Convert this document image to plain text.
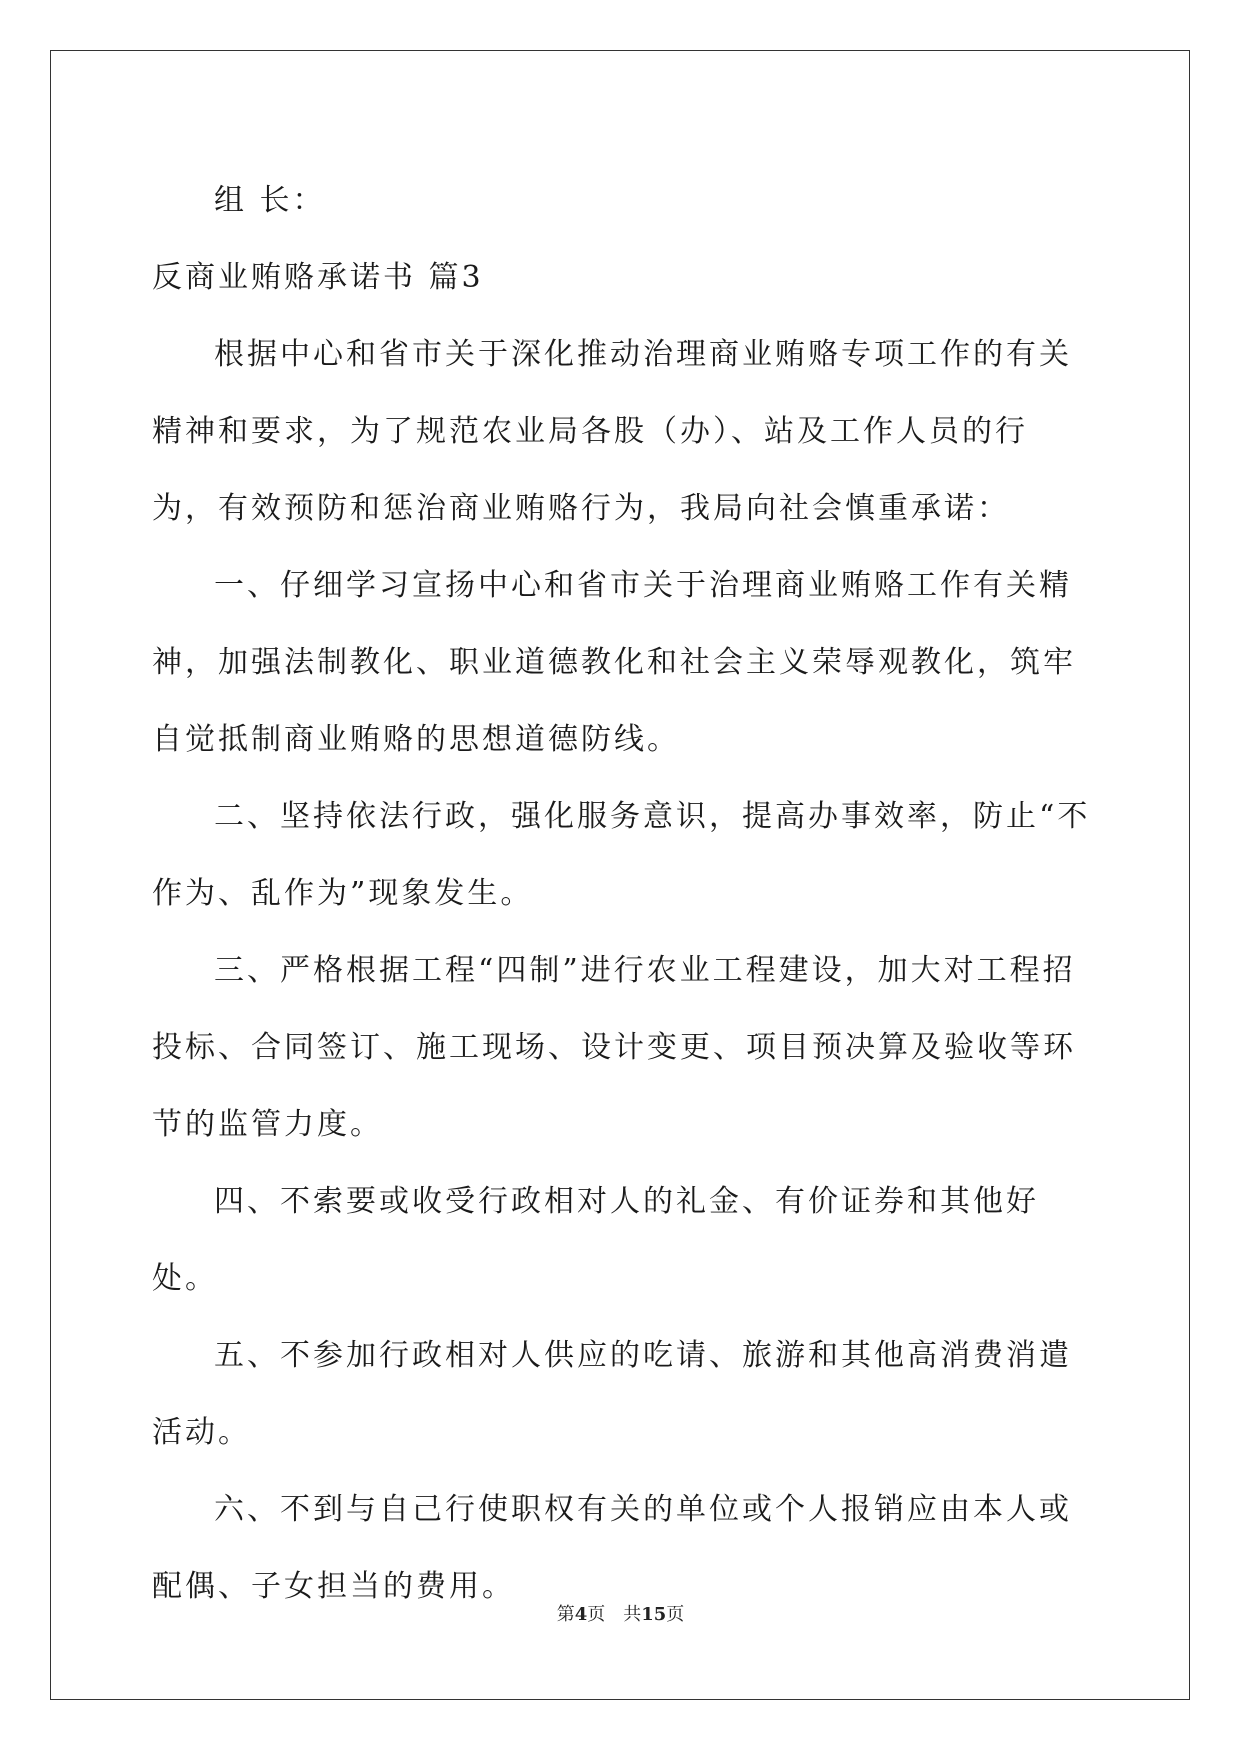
组 长：

反商业贿赂承诺书 篇3

根据中心和省市关于深化推动治理商业贿赂专项工作的有关精神和要求，为了规范农业局各股（办）、站及工作人员的行为，有效预防和惩治商业贿赂行为，我局向社会慎重承诺：

一、仔细学习宣扬中心和省市关于治理商业贿赂工作有关精神，加强法制教化、职业道德教化和社会主义荣辱观教化，筑牢自觉抵制商业贿赂的思想道德防线。

二、坚持依法行政，强化服务意识，提高办事效率，防止“不作为、乱作为”现象发生。

三、严格根据工程“四制”进行农业工程建设，加大对工程招投标、合同签订、施工现场、设计变更、项目预决算及验收等环节的监管力度。

四、不索要或收受行政相对人的礼金、有价证券和其他好处。

五、不参加行政相对人供应的吃请、旅游和其他高消费消遣活动。

六、不到与自己行使职权有关的单位或个人报销应由本人或配偶、子女担当的费用。

第4页　共15页
